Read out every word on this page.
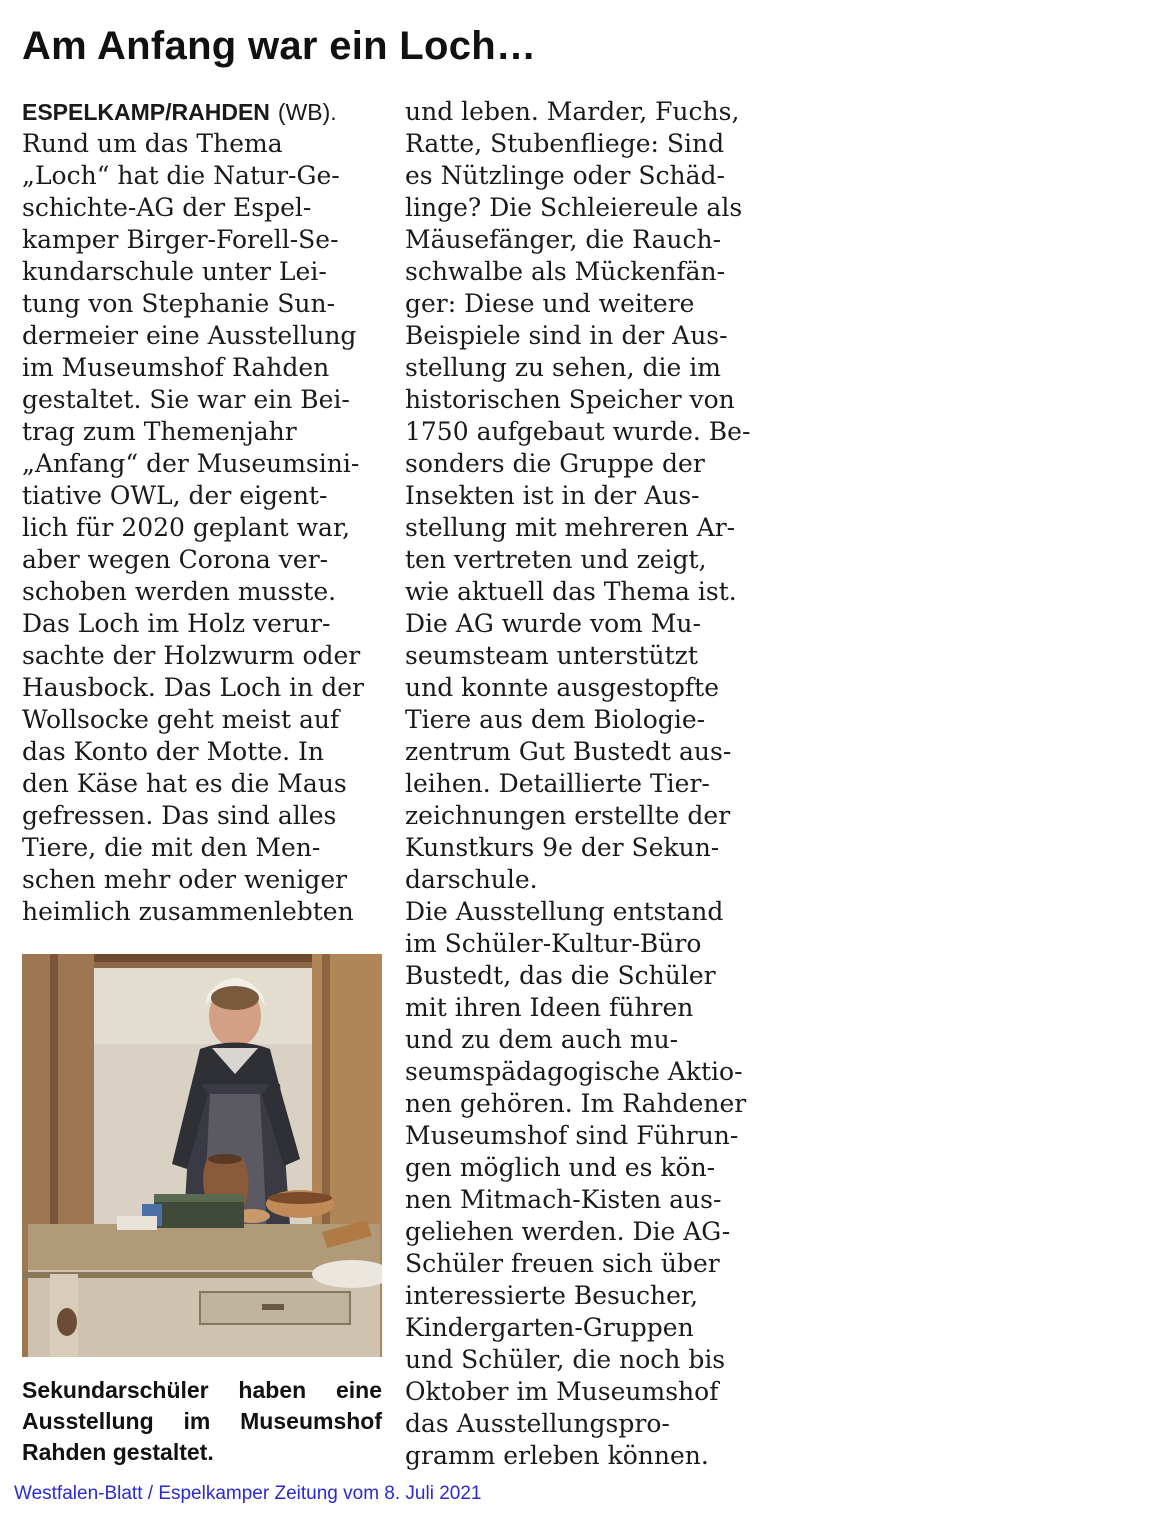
Am Anfang war ein Loch…

ESPELKAMP/RAHDEN (WB).
Rund um das Thema
„Loch“ hat die Natur-Ge-
schichte-AG der Espel-
kamper Birger-Forell-Se-
kundarschule unter Lei-
tung von Stephanie Sun-
dermeier eine Ausstellung
im Museumshof Rahden
gestaltet. Sie war ein Bei-
trag zum Themenjahr
„Anfang“ der Museumsini-
tiative OWL, der eigent-
lich für 2020 geplant war,
aber wegen Corona ver-
schoben werden musste.

Das Loch im Holz verur-
sachte der Holzwurm oder
Hausbock. Das Loch in der
Wollsocke geht meist auf
das Konto der Motte. In
den Käse hat es die Maus
gefressen. Das sind alles
Tiere, die mit den Men-
schen mehr oder weniger
heimlich zusammenlebten

Sekundarschüler haben eine Ausstellung im Museumshof Rahden gestaltet.

und leben. Marder, Fuchs,
Ratte, Stubenfliege: Sind
es Nützlinge oder Schäd-
linge? Die Schleiereule als
Mäusefänger, die Rauch-
schwalbe als Mückenfän-
ger: Diese und weitere
Beispiele sind in der Aus-
stellung zu sehen, die im
historischen Speicher von
1750 aufgebaut wurde. Be-
sonders die Gruppe der
Insekten ist in der Aus-
stellung mit mehreren Ar-
ten vertreten und zeigt,
wie aktuell das Thema ist.

Die AG wurde vom Mu-
seumsteam unterstützt
und konnte ausgestopfte
Tiere aus dem Biologie-
zentrum Gut Bustedt aus-
leihen. Detaillierte Tier-
zeichnungen erstellte der
Kunstkurs 9e der Sekun-
darschule.

Die Ausstellung entstand
im Schüler-Kultur-Büro
Bustedt, das die Schüler
mit ihren Ideen führen
und zu dem auch mu-
seumspädagogische Aktio-
nen gehören. Im Rahdener
Museumshof sind Führun-
gen möglich und es kön-
nen Mitmach-Kisten aus-
geliehen werden. Die AG-
Schüler freuen sich über
interessierte Besucher,
Kindergarten-Gruppen
und Schüler, die noch bis
Oktober im Museumshof
das Ausstellungspro-
gramm erleben können.

Westfalen-Blatt / Espelkamper Zeitung vom 8. Juli 2021
